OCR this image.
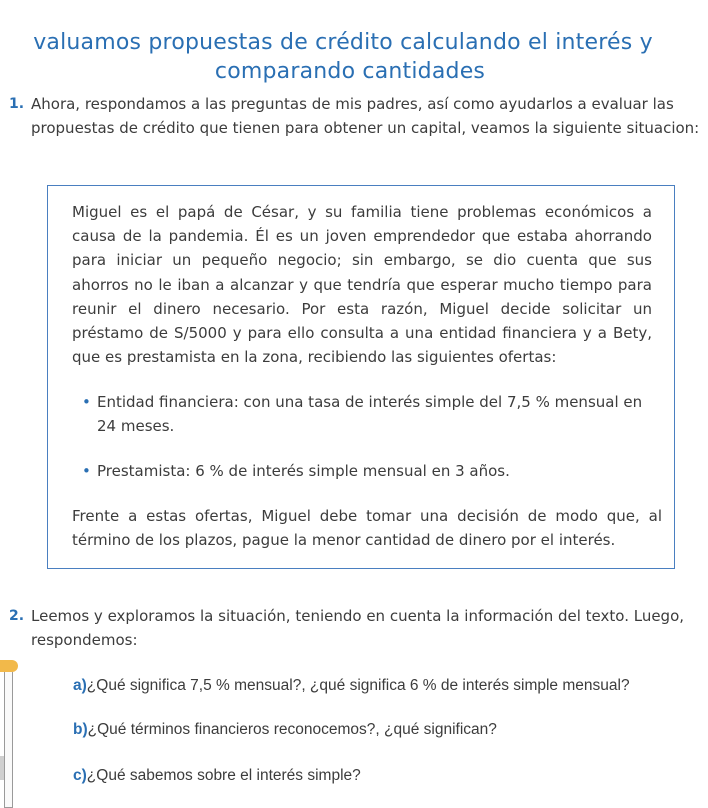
valuamos propuestas de crédito calculando el interés y
comparando cantidades
1. Ahora, respondamos a las preguntas de mis padres, así como ayudarlos a evaluar las propuestas de crédito que tienen para obtener un capital, veamos la siguiente situacion:
Miguel es el papá de César, y su familia tiene problemas económicos a causa de la pandemia. Él es un joven emprendedor que estaba ahorrando para iniciar un pequeño negocio; sin embargo, se dio cuenta que sus ahorros no le iban a alcanzar y que tendría que esperar mucho tiempo para reunir el dinero necesario. Por esta razón, Miguel decide solicitar un préstamo de S/5000 y para ello consulta a una entidad financiera y a Bety, que es prestamista en la zona, recibiendo las siguientes ofertas:
• Entidad financiera: con una tasa de interés simple del 7,5 % mensual en 24 meses.
• Prestamista: 6 % de interés simple mensual en 3 años.
Frente a estas ofertas, Miguel debe tomar una decisión de modo que, al término de los plazos, pague la menor cantidad de dinero por el interés.
2. Leemos y exploramos la situación, teniendo en cuenta la información del texto. Luego, respondemos:
a)¿Qué significa 7,5 % mensual?, ¿qué significa 6 % de interés simple mensual?
b)¿Qué términos financieros reconocemos?, ¿qué significan?
c)¿Qué sabemos sobre el interés simple?
